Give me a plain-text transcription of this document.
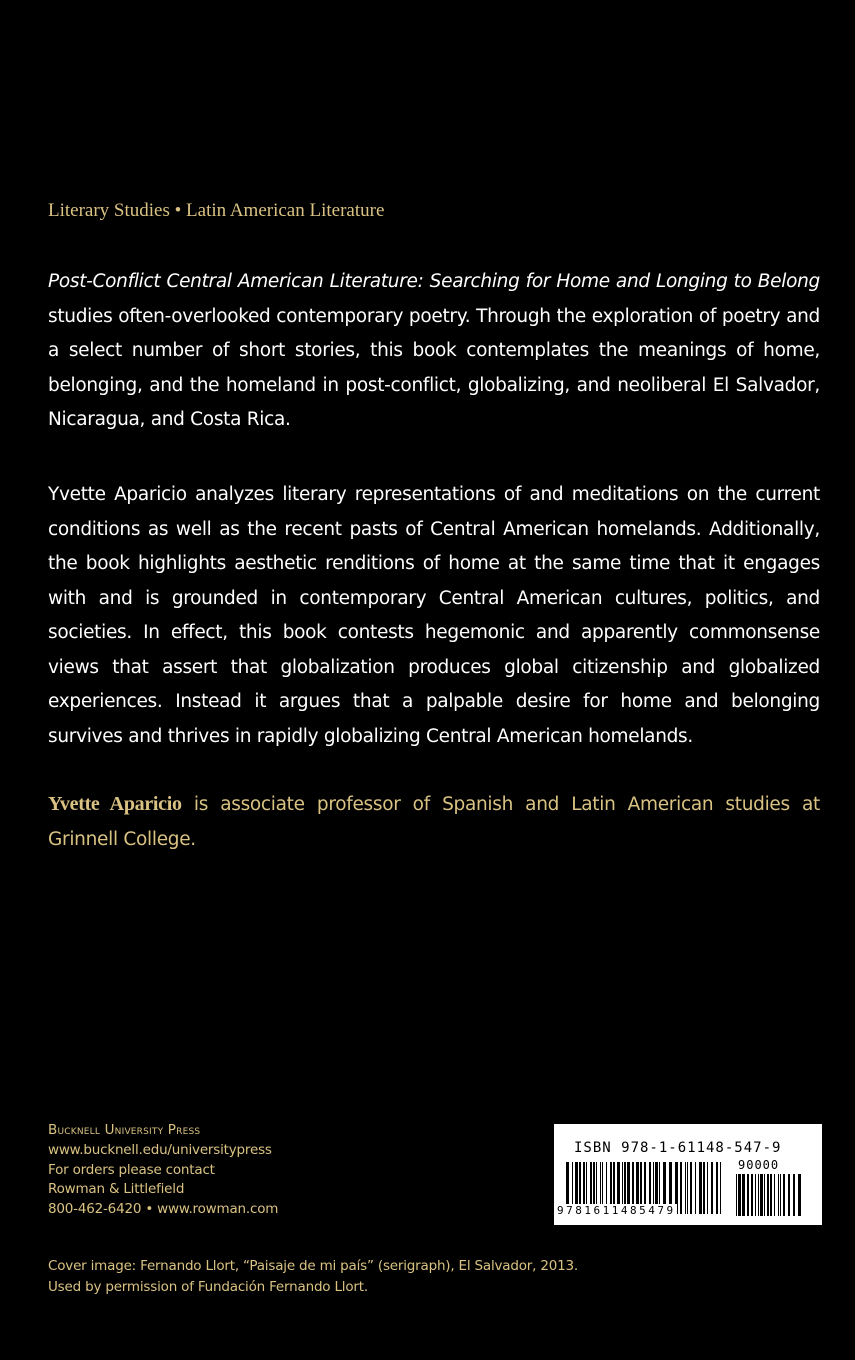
Literary Studies • Latin American Literature

Post-Conflict Central American Literature: Searching for Home and Longing to Belong studies often-overlooked contemporary poetry. Through the exploration of poetry and a select number of short stories, this book contemplates the meanings of home, belonging, and the homeland in post-conflict, globalizing, and neoliberal El Salvador, Nicaragua, and Costa Rica.

Yvette Aparicio analyzes literary representations of and meditations on the current conditions as well as the recent pasts of Central American homelands. Additionally, the book highlights aesthetic renditions of home at the same time that it engages with and is grounded in contemporary Central American cultures, politics, and societies. In effect, this book contests hegemonic and apparently commonsense views that assert that globalization produces global citizenship and globalized experiences. Instead it argues that a palpable desire for home and belonging survives and thrives in rapidly globalizing Central American homelands.

Yvette Aparicio is associate professor of Spanish and Latin American studies at Grinnell College.

Bucknell University Press
www.bucknell.edu/universitypress
For orders please contact
Rowman & Littlefield
800-462-6420 • www.rowman.com
ISBN 978-1-61148-547-9
90000
9781611485479
Cover image: Fernando Llort, “Paisaje de mi país” (serigraph), El Salvador, 2013.
Used by permission of Fundación Fernando Llort.
